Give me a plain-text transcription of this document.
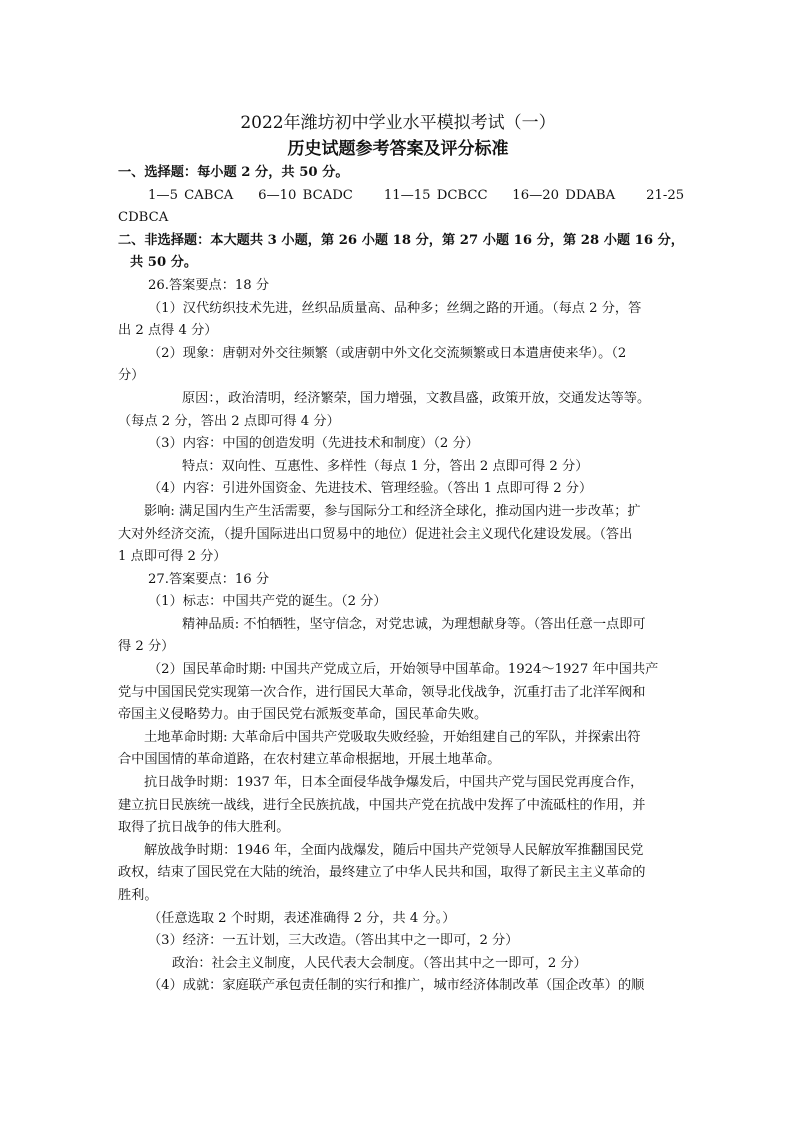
2022年潍坊初中学业水平模拟考试（一）
历史试题参考答案及评分标准
一、选择题：每小题 2 分，共 50 分。
1—5 CABCA    6—10 BCADC     11—15 DCBCC    16—20 DDABA     21-25
CDBCA
二、非选择题：本大题共 3 小题，第 26 小题 18 分，第 27 小题 16 分，第 28 小题 16 分，
共 50 分。
26.答案要点：18 分
（1）汉代纺织技术先进，丝织品质量高、品种多；丝绸之路的开通。（每点 2 分，答
出 2 点得 4 分）
（2）现象：唐朝对外交往频繁（或唐朝中外文化交流频繁或日本遣唐使来华）。（2
分）
原因：，政治清明，经济繁荣，国力增强，文教昌盛，政策开放，交通发达等等。
（每点 2 分，答出 2 点即可得 4 分）
（3）内容：中国的创造发明（先进技术和制度）（2 分）
特点：双向性、互惠性、多样性（每点 1 分，答出 2 点即可得 2 分）
（4）内容：引进外国资金、先进技术、管理经验。（答出 1 点即可得 2 分）
影响: 满足国内生产生活需要，参与国际分工和经济全球化，推动国内进一步改革；扩
大对外经济交流，（提升国际进出口贸易中的地位）促进社会主义现代化建设发展。（答出
1 点即可得 2 分）
27.答案要点：16 分
（1）标志：中国共产党的诞生。（2 分）
精神品质: 不怕牺牲，坚守信念，对党忠诚，为理想献身等。（答出任意一点即可
得 2 分）
（2）国民革命时期: 中国共产党成立后，开始领导中国革命。1924～1927 年中国共产
党与中国国民党实现第一次合作，进行国民大革命，领导北伐战争，沉重打击了北洋军阀和
帝国主义侵略势力。由于国民党右派叛变革命，国民革命失败。
土地革命时期: 大革命后中国共产党吸取失败经验，开始组建自己的军队，并探索出符
合中国国情的革命道路，在农村建立革命根据地，开展土地革命。
抗日战争时期：1937 年，日本全面侵华战争爆发后，中国共产党与国民党再度合作，
建立抗日民族统一战线，进行全民族抗战，中国共产党在抗战中发挥了中流砥柱的作用，并
取得了抗日战争的伟大胜利。
解放战争时期：1946 年，全面内战爆发，随后中国共产党领导人民解放军推翻国民党
政权，结束了国民党在大陆的统治，最终建立了中华人民共和国，取得了新民主主义革命的
胜利。
（任意选取 2 个时期，表述准确得 2 分，共 4 分。）
（3）经济：一五计划，三大改造。（答出其中之一即可，2 分）
政治：社会主义制度，人民代表大会制度。（答出其中之一即可，2 分）
（4）成就：家庭联产承包责任制的实行和推广，城市经济体制改革（国企改革）的顺
